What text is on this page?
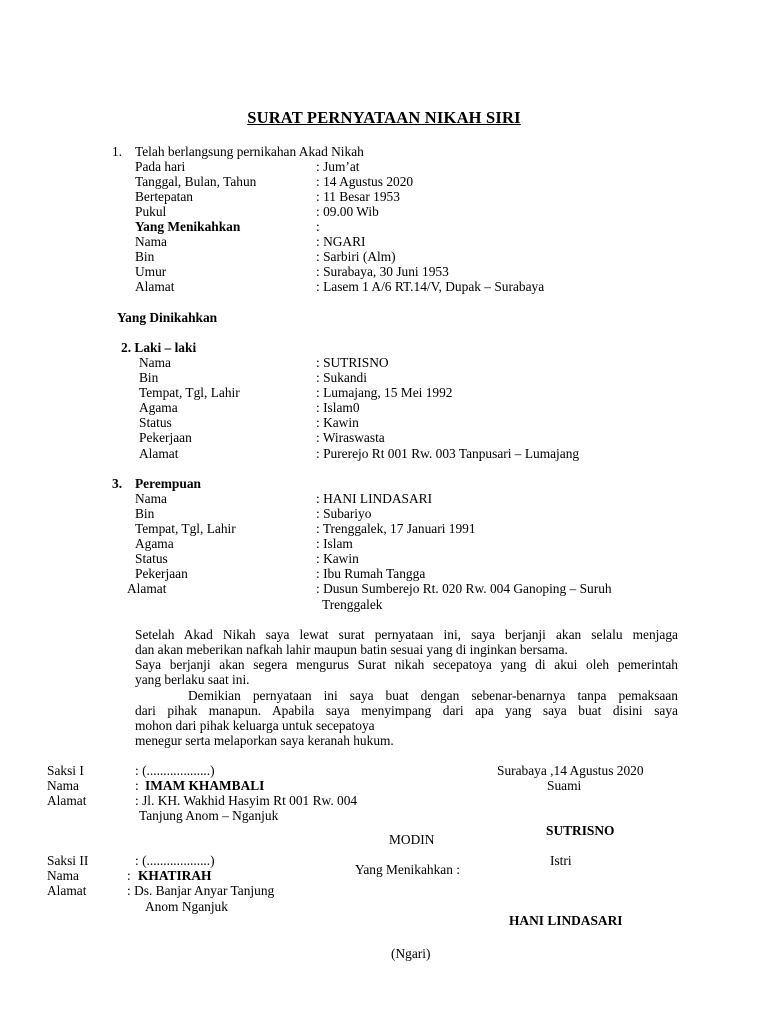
SURAT PERNYATAAN NIKAH SIRI
1. Telah berlangsung pernikahan Akad Nikah
Pada hari	: Jum’at
Tanggal, Bulan, Tahun	: 14 Agustus 2020
Bertepatan	: 11 Besar 1953
Pukul	: 09.00 Wib
Yang Menikahkan	:
Nama	: NGARI
Bin	: Sarbiri (Alm)
Umur	: Surabaya, 30 Juni 1953
Alamat	: Lasem 1 A/6 RT.14/V, Dupak – Surabaya
Yang Dinikahkan
2. Laki – laki
Nama	: SUTRISNO
Bin	: Sukandi
Tempat, Tgl, Lahir	: Lumajang, 15 Mei 1992
Agama	: Islam0
Status	: Kawin
Pekerjaan	: Wiraswasta
Alamat	: Purerejo Rt 001 Rw. 003 Tanpusari – Lumajang
3. Perempuan
Nama	: HANI LINDASARI
Bin	: Subariyo
Tempat, Tgl, Lahir	: Trenggalek, 17 Januari 1991
Agama	: Islam
Status	: Kawin
Pekerjaan	: Ibu Rumah Tangga
Alamat	: Dusun Sumberejo Rt. 020 Rw. 004 Ganoping – Suruh
Trenggalek
Setelah Akad Nikah saya lewat surat pernyataan ini, saya berjanji akan selalu menjaga
dan akan meberikan nafkah lahir maupun batin sesuai yang di inginkan bersama.
Saya berjanji akan segera mengurus Surat nikah secepatoya yang di akui oleh pemerintah
yang berlaku saat ini.
Demikian pernyataan ini saya buat dengan sebenar-benarnya tanpa pemaksaan
dari pihak manapun. Apabila saya menyimpang dari apa yang saya buat disini saya
mohon dari pihak keluarga untuk secepatoya
menegur serta melaporkan saya keranah hukum.
Saksi I	: (...................)	Surabaya ,14 Agustus 2020
Nama	: IMAM KHAMBALI	Suami
Alamat	: Jl. KH. Wakhid Hasyim Rt 001 Rw. 004
Tanjung Anom – Nganjuk
SUTRISNO
MODIN
Saksi II	: (...................)	Istri
Nama	: KHATIRAH	Yang Menikahkan :
Alamat	: Ds. Banjar Anyar Tanjung
Anom Nganjuk
HANI LINDASARI
(Ngari)
